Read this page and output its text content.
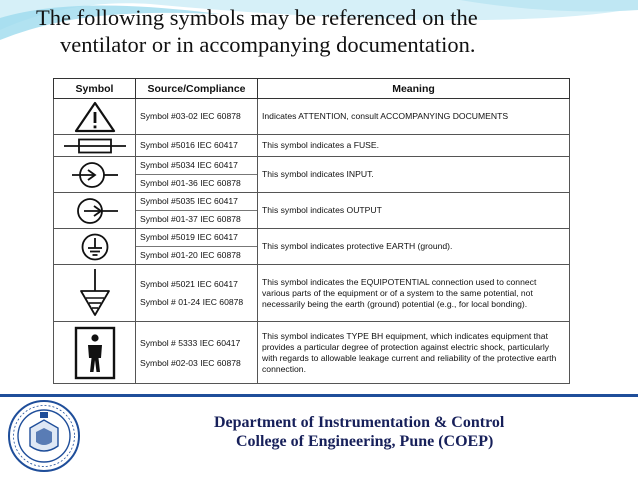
The following symbols may be referenced on the
ventilator or in accompanying documentation.
Symbol	Source/Compliance	Meaning

Symbol #03-02 IEC 60878	Indicates ATTENTION, consult ACCOMPANYING DOCUMENTS

Symbol #5016 IEC 60417	This symbol indicates a FUSE.

Symbol #5034 IEC 60417
Symbol #01-36 IEC 60878	This symbol indicates INPUT.

Symbol #5035 IEC 60417
Symbol #01-37 IEC 60878	This symbol indicates OUTPUT

Symbol #5019 IEC 60417
Symbol #01-20 IEC 60878	This symbol indicates protective EARTH (ground).

Symbol #5021 IEC 60417
Symbol # 01-24 IEC 60878	This symbol indicates the EQUIPOTENTIAL connection used to connect various parts of the equipment or of a system to the same potential, not necessarily being the earth (ground) potential (e.g., for local bonding).

Symbol # 5333 IEC 60417
Symbol #02-03 IEC 60878	This symbol indicates TYPE BH equipment, which indicates equipment that provides a particular degree of protection against electric shock, particularly with regards to allowable leakage current and reliability of the protective earth connection.
Department of Instrumentation & Control
College of Engineering, Pune (COEP)
